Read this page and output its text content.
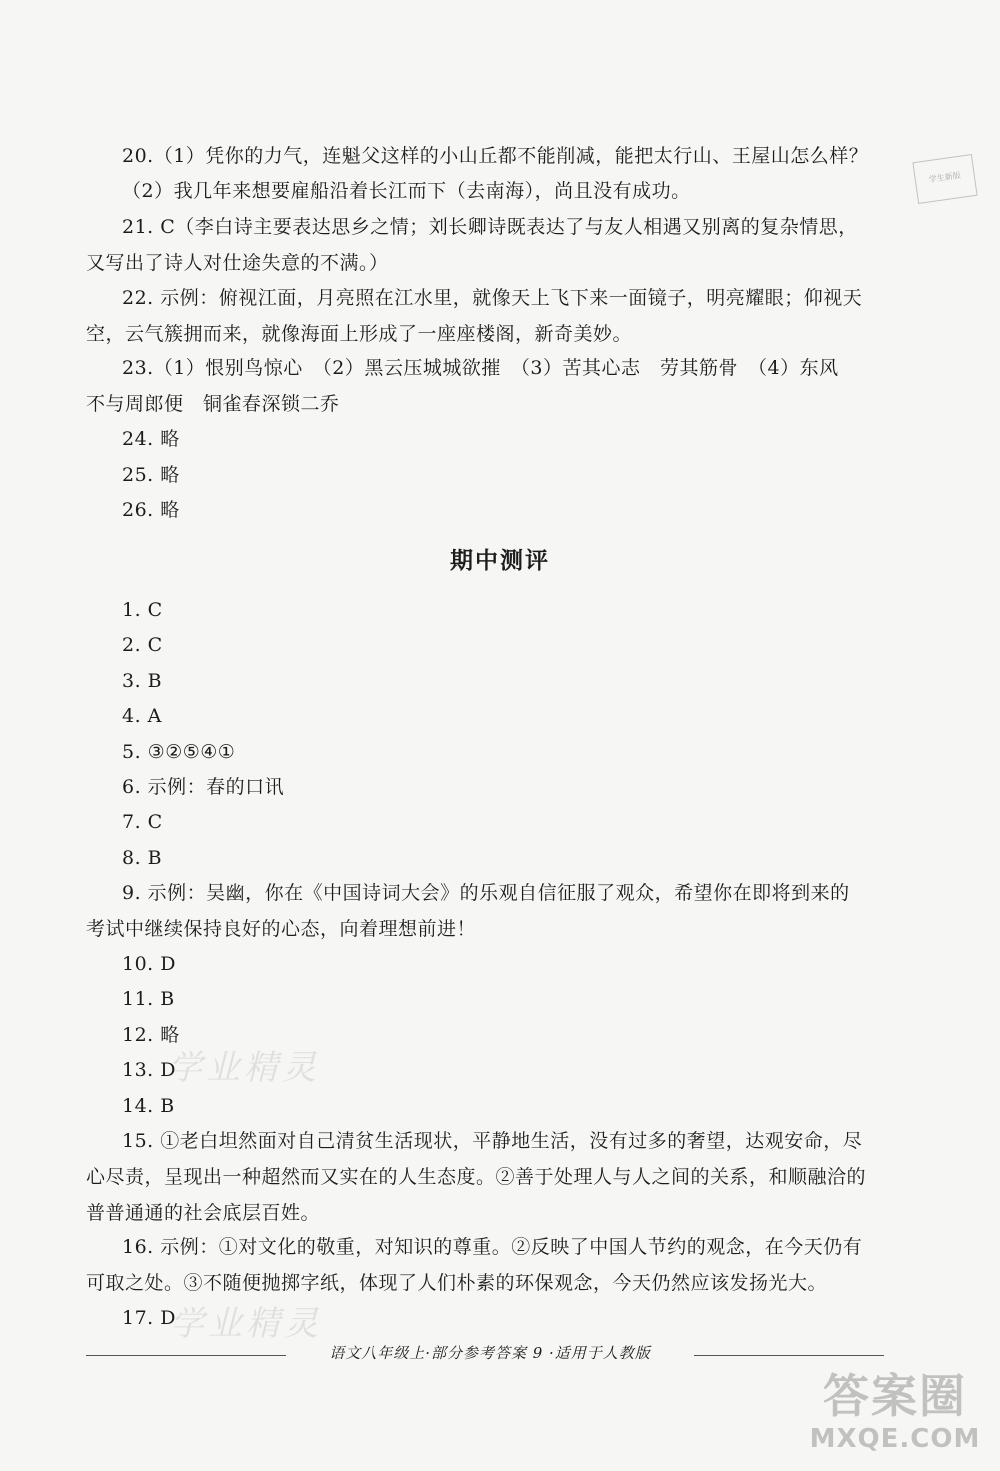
学生新版
20.（1）凭你的力气，连魁父这样的小山丘都不能削减，能把太行山、王屋山怎么样？
（2）我几年来想要雇船沿着长江而下（去南海），尚且没有成功。
21. C（李白诗主要表达思乡之情；刘长卿诗既表达了与友人相遇又别离的复杂情思，
又写出了诗人对仕途失意的不满。）
22. 示例：俯视江面，月亮照在江水里，就像天上飞下来一面镜子，明亮耀眼；仰视天
空，云气簇拥而来，就像海面上形成了一座座楼阁，新奇美妙。
23.（1）恨别鸟惊心　（2）黑云压城城欲摧　（3）苦其心志　劳其筋骨　（4）东风
不与周郎便　铜雀春深锁二乔
24. 略
25. 略
26. 略
期中测评
1. C
2. C
3. B
4. A
5. ③②⑤④①
6. 示例：春的口讯
7. C
8. B
9. 示例：吴幽，你在《中国诗词大会》的乐观自信征服了观众，希望你在即将到来的
考试中继续保持良好的心态，向着理想前进！
10. D
11. B
12. 略
13. D
14. B
15. ①老白坦然面对自己清贫生活现状，平静地生活，没有过多的奢望，达观安命，尽
心尽责，呈现出一种超然而又实在的人生态度。②善于处理人与人之间的关系，和顺融洽的
普普通通的社会底层百姓。
16. 示例：①对文化的敬重，对知识的尊重。②反映了中国人节约的观念，在今天仍有
可取之处。③不随便抛掷字纸，体现了人们朴素的环保观念，今天仍然应该发扬光大。
17. D
学业精灵
学业精灵
语文八年级上·部分参考答案 9 ·适用于人教版
答案圈
MXQE.COM
